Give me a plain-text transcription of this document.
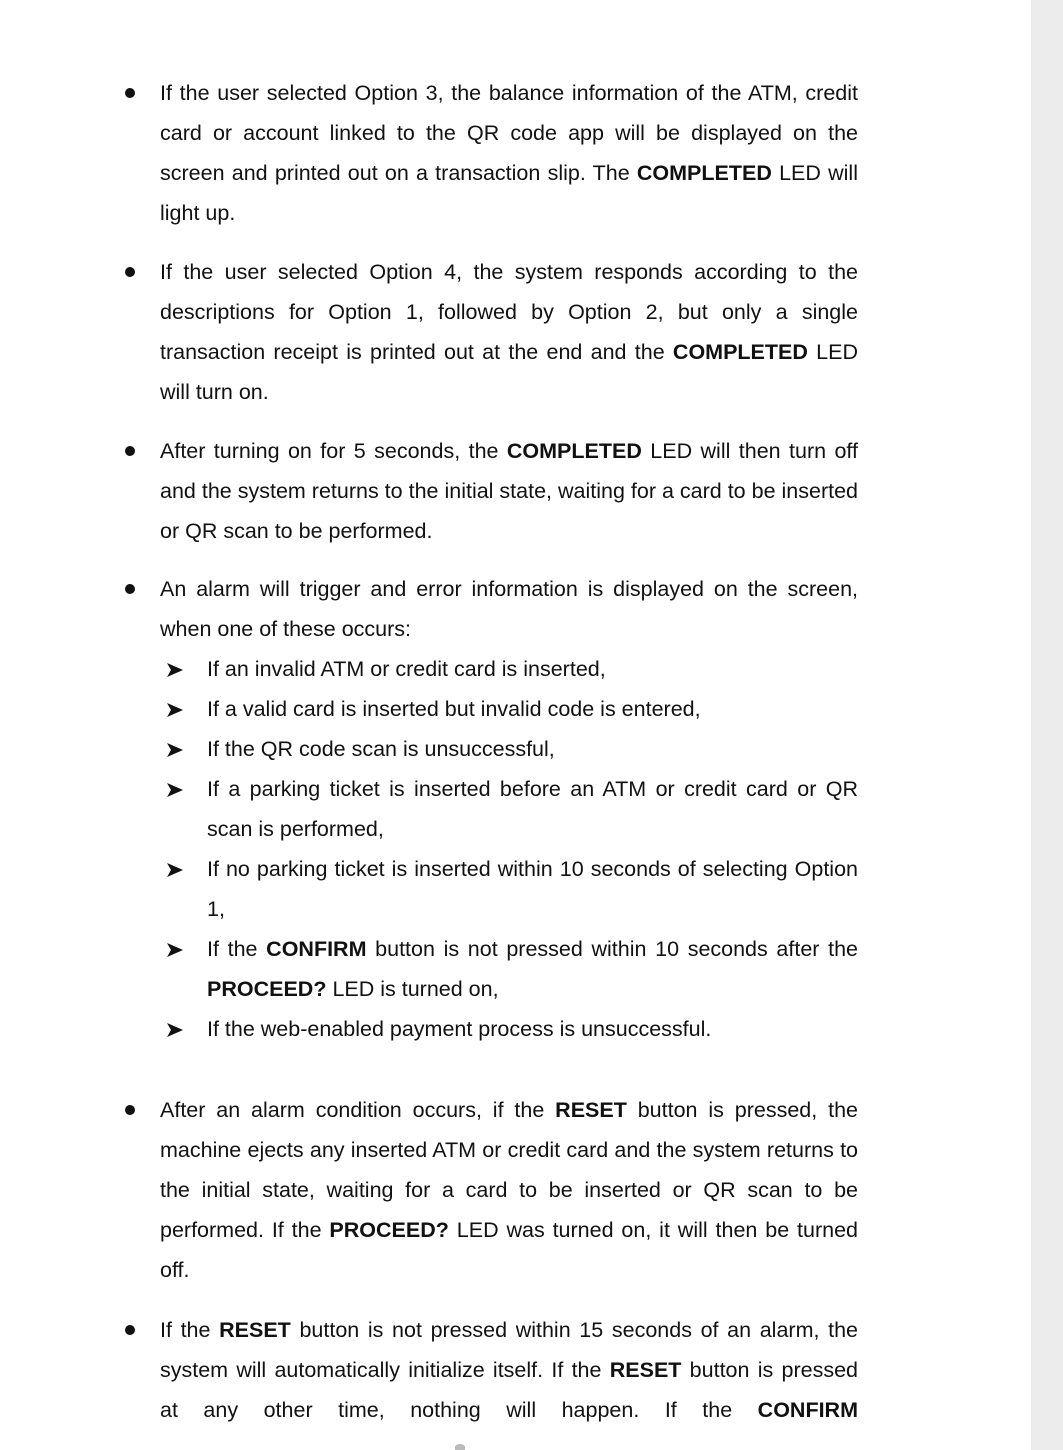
If the user selected Option 3, the balance information of the ATM, credit card or account linked to the QR code app will be displayed on the screen and printed out on a transaction slip. The COMPLETED LED will light up.

If the user selected Option 4, the system responds according to the descriptions for Option 1, followed by Option 2, but only a single transaction receipt is printed out at the end and the COMPLETED LED will turn on.

After turning on for 5 seconds, the COMPLETED LED will then turn off and the system returns to the initial state, waiting for a card to be inserted or QR scan to be performed.

An alarm will trigger and error information is displayed on the screen, when one of these occurs:

If an invalid ATM or credit card is inserted,

If a valid card is inserted but invalid code is entered,

If the QR code scan is unsuccessful,

If a parking ticket is inserted before an ATM or credit card or QR scan is performed,

If no parking ticket is inserted within 10 seconds of selecting Option 1,

If the CONFIRM button is not pressed within 10 seconds after the PROCEED? LED is turned on,

If the web-enabled payment process is unsuccessful.

After an alarm condition occurs, if the RESET button is pressed, the machine ejects any inserted ATM or credit card and the system returns to the initial state, waiting for a card to be inserted or QR scan to be performed. If the PROCEED? LED was turned on, it will then be turned off.

If the RESET button is not pressed within 15 seconds of an alarm, the system will automatically initialize itself. If the RESET button is pressed at any other time, nothing will happen. If the CONFIRM
